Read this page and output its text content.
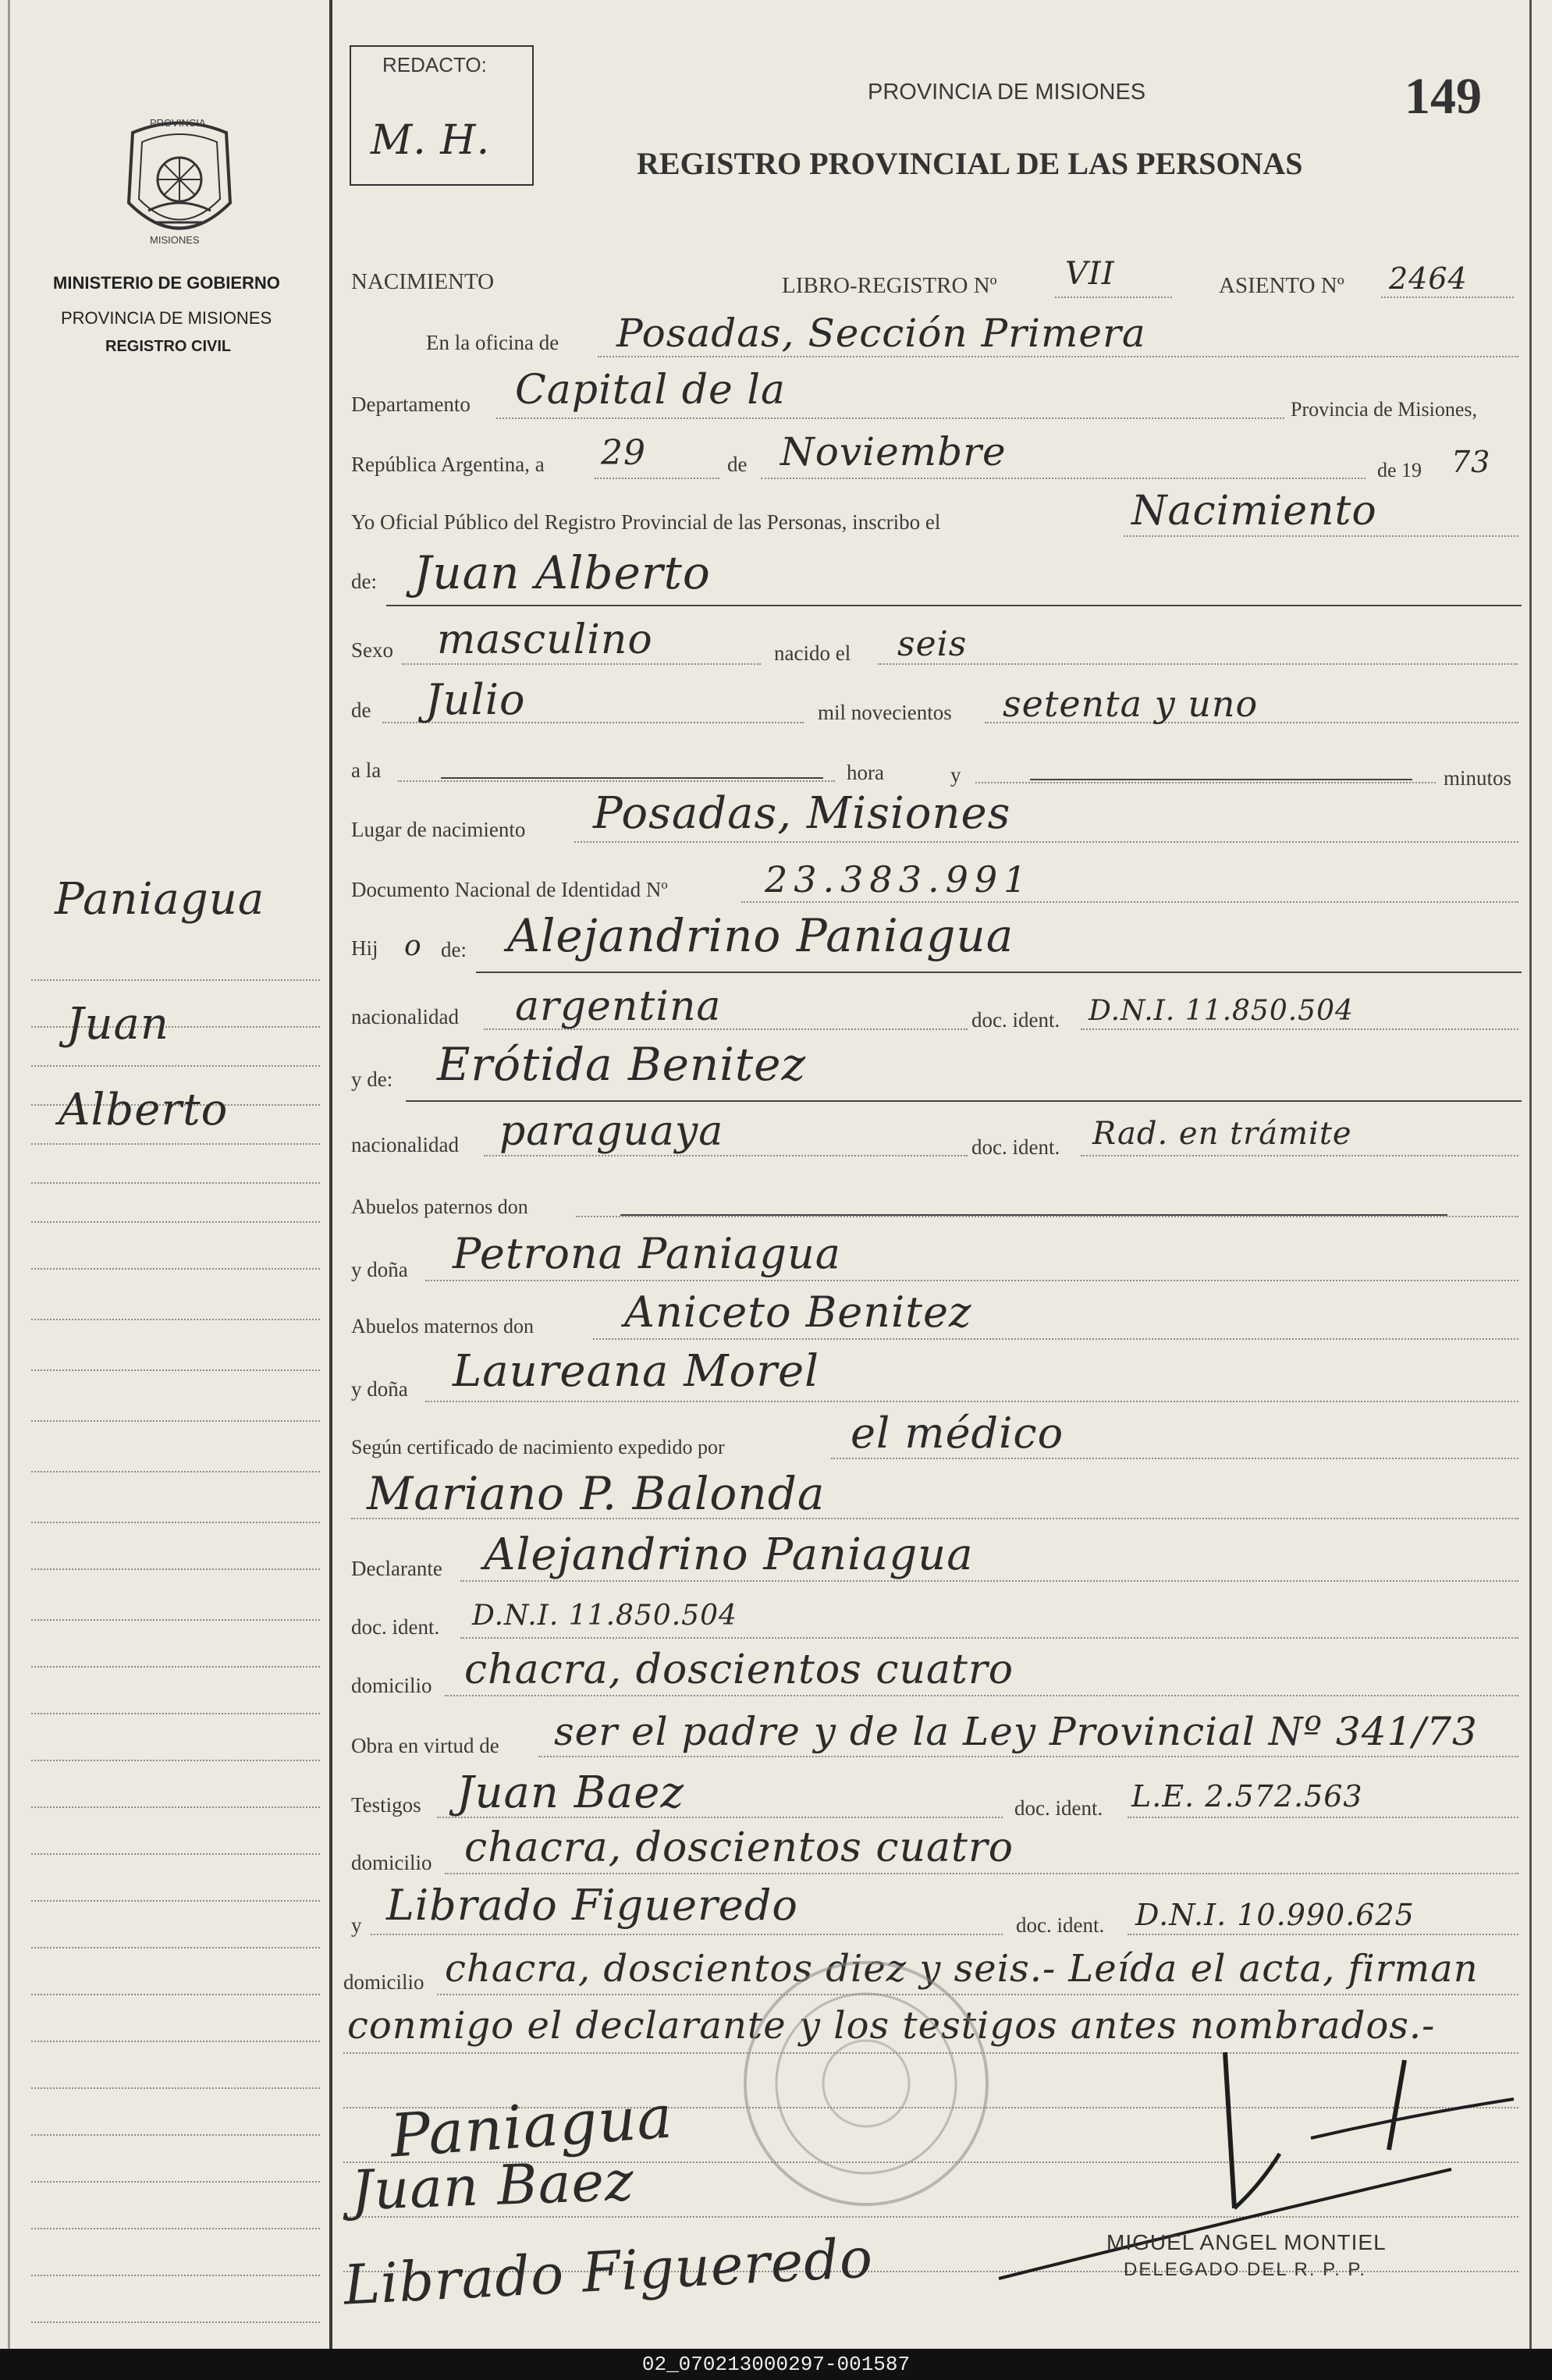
PROVINCIA
MISIONES
MINISTERIO DE GOBIERNO
PROVINCIA DE MISIONES
REGISTRO CIVIL
REDACTO:
M. H.
PROVINCIA DE MISIONES	149
REGISTRO PROVINCIAL DE LAS PERSONAS
NACIMIENTO	LIBRO-REGISTRO Nº VII	ASIENTO Nº 2464
Paniagua
Juan
Alberto
En la oficina de Posadas, Sección Primera
Departamento Capital de la	Provincia de Misiones,
República Argentina, a 29	de Noviembre	de 19 73
Yo Oficial Público del Registro Provincial de las Personas, inscribo el	Nacimiento
de: Juan Alberto
Sexo masculino	nacido el seis
de Julio	mil novecientos setenta y uno
a la	hora	y	minutos
Lugar de nacimiento Posadas, Misiones
Documento Nacional de Identidad Nº	23.383.991
Hij o de: Alejandrino Paniagua
nacionalidad argentina	doc. ident. D.N.I. 11.850.504
y de: Erótida Benitez
nacionalidad paraguaya	doc. ident. Rad. en trámite
Abuelos paternos don
y doña Petrona Paniagua
Abuelos maternos don Aniceto Benitez
y doña Laureana Morel
Según certificado de nacimiento expedido por	el médico
Mariano P. Balonda
Declarante Alejandrino Paniagua
doc. ident. D.N.I. 11.850.504
domicilio chacra, doscientos cuatro
Obra en virtud de ser el padre y de la Ley Provincial Nº 341/73
Testigos Juan Baez	doc. ident. L.E. 2.572.563
domicilio chacra, doscientos cuatro
y Librado Figueredo	doc. ident. D.N.I. 10.990.625
domicilio chacra, doscientos diez y seis.- Leída el acta, firman
conmigo el declarante y los testigos antes nombrados.-
Paniagua
Juan Baez
Librado Figueredo	MIGUEL ANGEL MONTIEL
DELEGADO DEL R. P. P.
02_070213000297-001587
